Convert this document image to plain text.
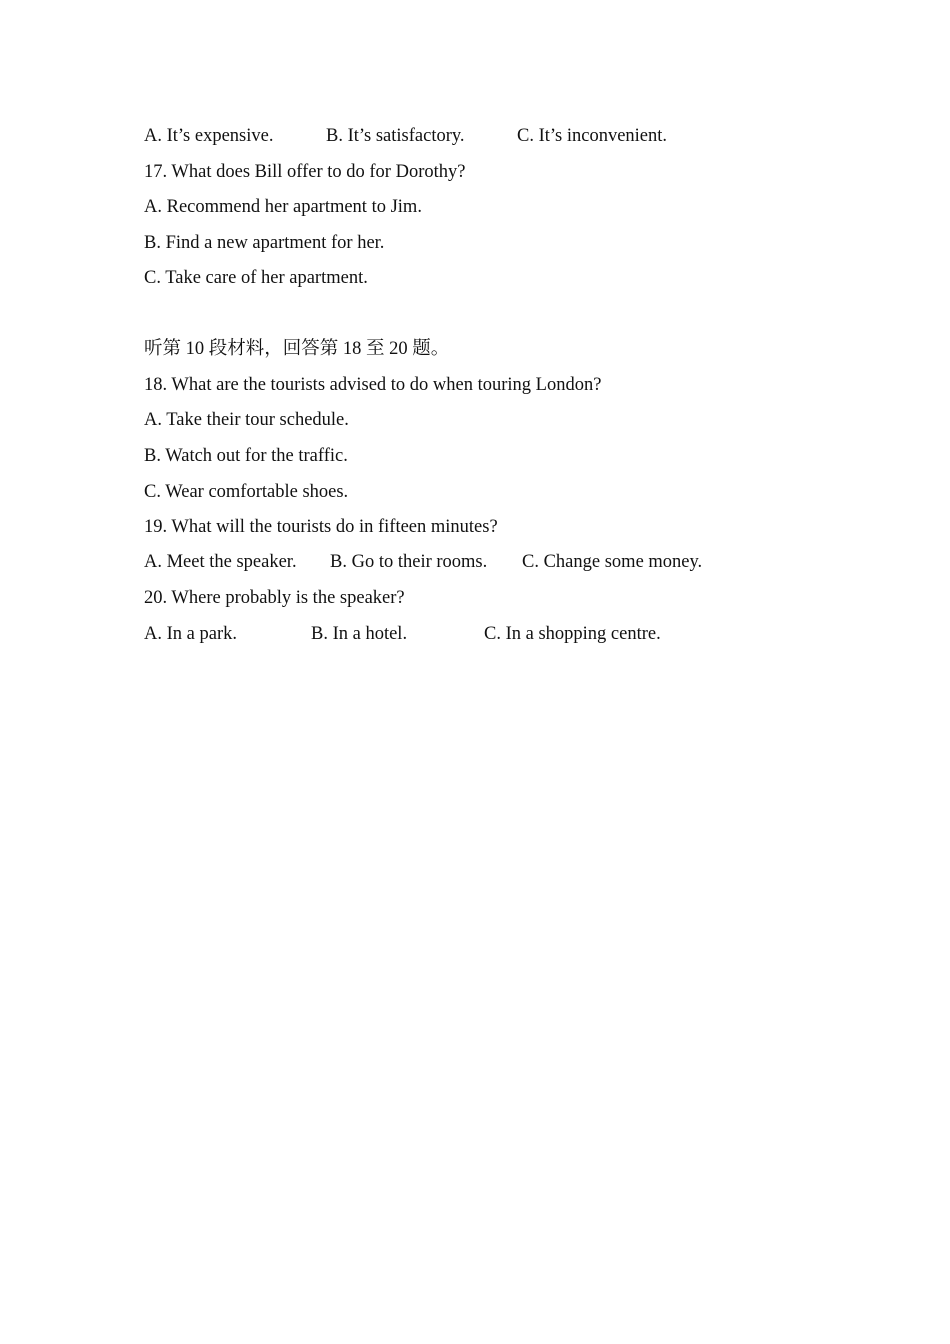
A. It’s expensive.	B. It’s satisfactory.	C. It’s inconvenient.
17. What does Bill offer to do for Dorothy?
A. Recommend her apartment to Jim.
B. Find a new apartment for her.
C. Take care of her apartment.
听第 10 段材料，回答第 18 至 20 题。
18. What are the tourists advised to do when touring London?
A. Take their tour schedule.
B. Watch out for the traffic.
C. Wear comfortable shoes.
19. What will the tourists do in fifteen minutes?
A. Meet the speaker. B. Go to their rooms. C. Change some money.
20. Where probably is the speaker?
A. In a park.	B. In a hotel.	C. In a shopping centre.
